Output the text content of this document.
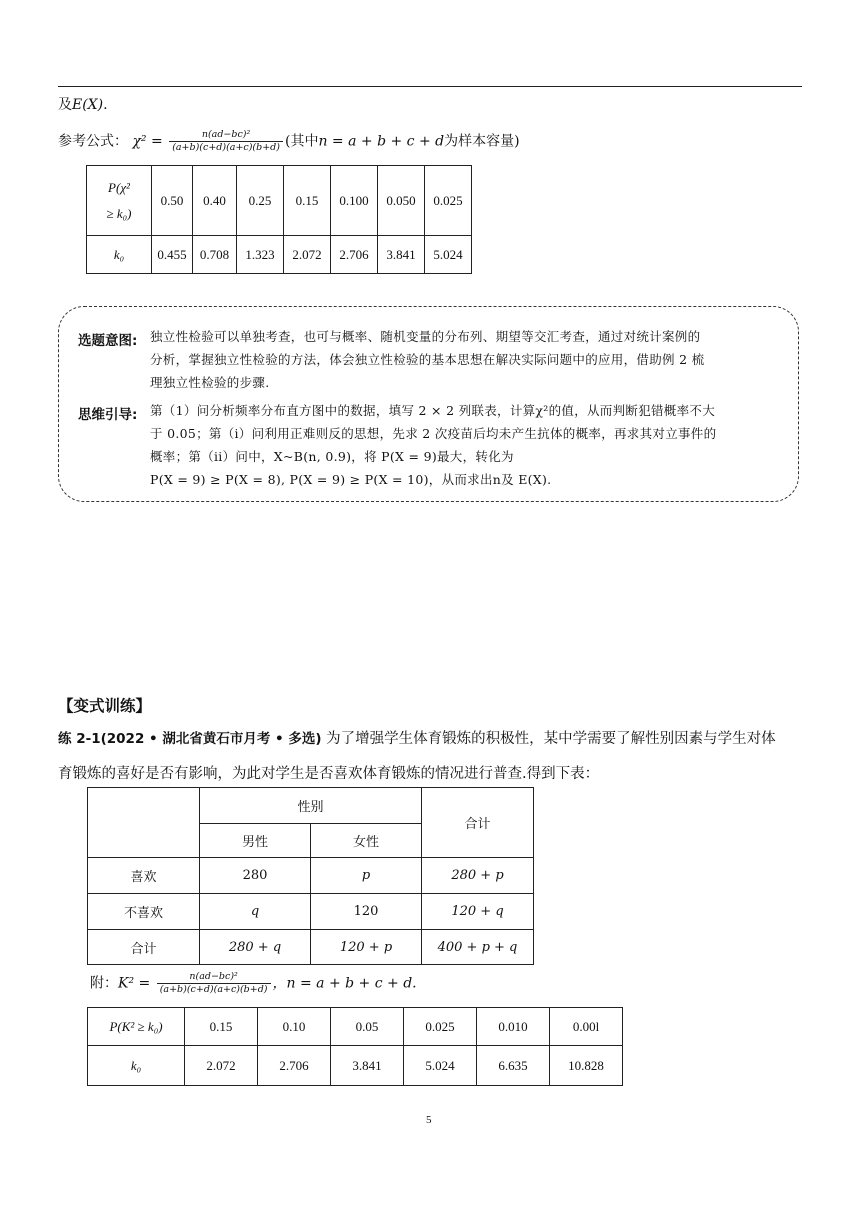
及E(X).
参考公式： $\chi^2 = \frac{\text{n(ad−bc)²}}{(a+b)(c+d)(a+c)(b+d)}$ (其中n = a + b + c + d为样本容量)
P(χ²
≥ k₀)	0.50	0.40	0.25	0.15	0.100	0.050	0.025
k₀	0.455	0.708	1.323	2.072	2.706	3.841	5.024
选题意图: 独立性检验可以单独考查，也可与概率、随机变量的分布列、期望等交汇考查，通过对统计案例的
分析，掌握独立性检验的方法，体会独立性检验的基本思想在解决实际问题中的应用，借助例 2 梳
理独立性检验的步骤.
思维引导: 第（1）问分析频率分布直方图中的数据，填写 2 × 2 列联表，计算χ²的值，从而判断犯错概率不大
于 0.05；第（i）问利用正难则反的思想，先求 2 次疫苗后均未产生抗体的概率，再求其对立事件的
概率；第（ii）问中，X~B(n, 0.9)，将 P(X = 9)最大，转化为
P(X = 9) ≥ P(X = 8), P(X = 9) ≥ P(X = 10)，从而求出n及 E(X).
【变式训练】
练 2-1(2022 • 湖北省黄石市月考 • 多选) 为了增强学生体育锻炼的积极性，某中学需要了解性别因素与学生对体
育锻炼的喜好是否有影响，为此对学生是否喜欢体育锻炼的情况进行普查.得到下表：
	性别		合计
	男性	女性	
喜欢	280	p	280 + p
不喜欢	q	120	120 + q
合计	280 + q	120 + p	400 + p + q
附：$K^2 = \frac{\text{n(ad−bc)²}}{(a+b)(c+d)(a+c)(b+d)}$ ，n = a + b + c + d.
P(K² ≥ k₀)	0.15	0.10	0.05	0.025	0.010	0.00l
k₀	2.072	2.706	3.841	5.024	6.635	10.828
5
